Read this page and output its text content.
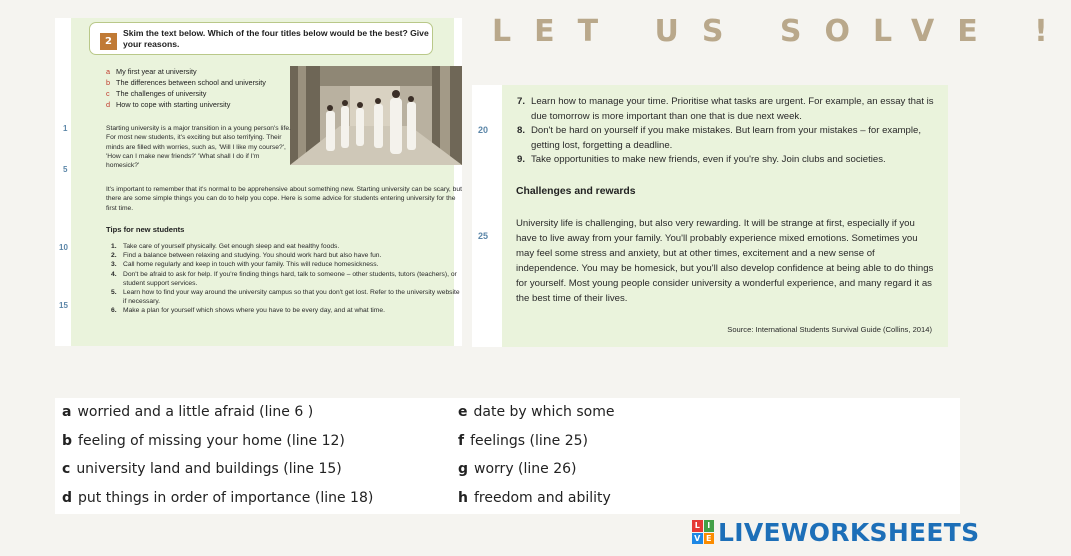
2
Skim the text below. Which of the four titles below would be the best? Give your reasons.
a My first year at university
b The differences between school and university
c The challenges of university
d How to cope with starting university
Starting university is a major transition in a young person's life. For most new students, it's exciting but also terrifying. Their minds are filled with worries, such as, 'Will I like my course?', 'How can I make new friends?' 'What shall I do if I'm homesick?'
It's important to remember that it's normal to be apprehensive about something new. Starting university can be scary, but there are some simple things you can do to help you cope. Here is some advice for students entering university for the first time.
Tips for new students
1. Take care of yourself physically. Get enough sleep and eat healthy foods.
2. Find a balance between relaxing and studying. You should work hard but also have fun.
3. Call home regularly and keep in touch with your family. This will reduce homesickness.
4. Don't be afraid to ask for help. If you're finding things hard, talk to someone – other students, tutors (teachers), or student support services.
5. Learn how to find your way around the university campus so that you don't get lost. Refer to the university website if necessary.
6. Make a plan for yourself which shows where you have to be every day, and at what time.
1
5
10
15
LET US SOLVE !
7. Learn how to manage your time. Prioritise what tasks are urgent. For example, an essay that is due tomorrow is more important than one that is due next week.
8. Don't be hard on yourself if you make mistakes. But learn from your mistakes – for example, getting lost, forgetting a deadline.
9. Take opportunities to make new friends, even if you're shy. Join clubs and societies.
Challenges and rewards
University life is challenging, but also very rewarding. It will be strange at first, especially if you have to live away from your family. You'll probably experience mixed emotions. Sometimes you may feel some stress and anxiety, but at other times, excitement and a new sense of independence. You may be homesick, but you'll also develop confidence at being able to do things for yourself. Most young people consider university a wonderful experience, and many regard it as the best time of their lives.
Source: International Students Survival Guide (Collins, 2014)
20
25
a worried and a little afraid (line 6 )
b feeling of missing your home (line 12)
c university land and buildings (line 15)
d put things in order of importance (line 18)
e date by which some
f feelings (line 25)
g worry (line 26)
h freedom and ability
L I
V E LIVEWORKSHEETS
